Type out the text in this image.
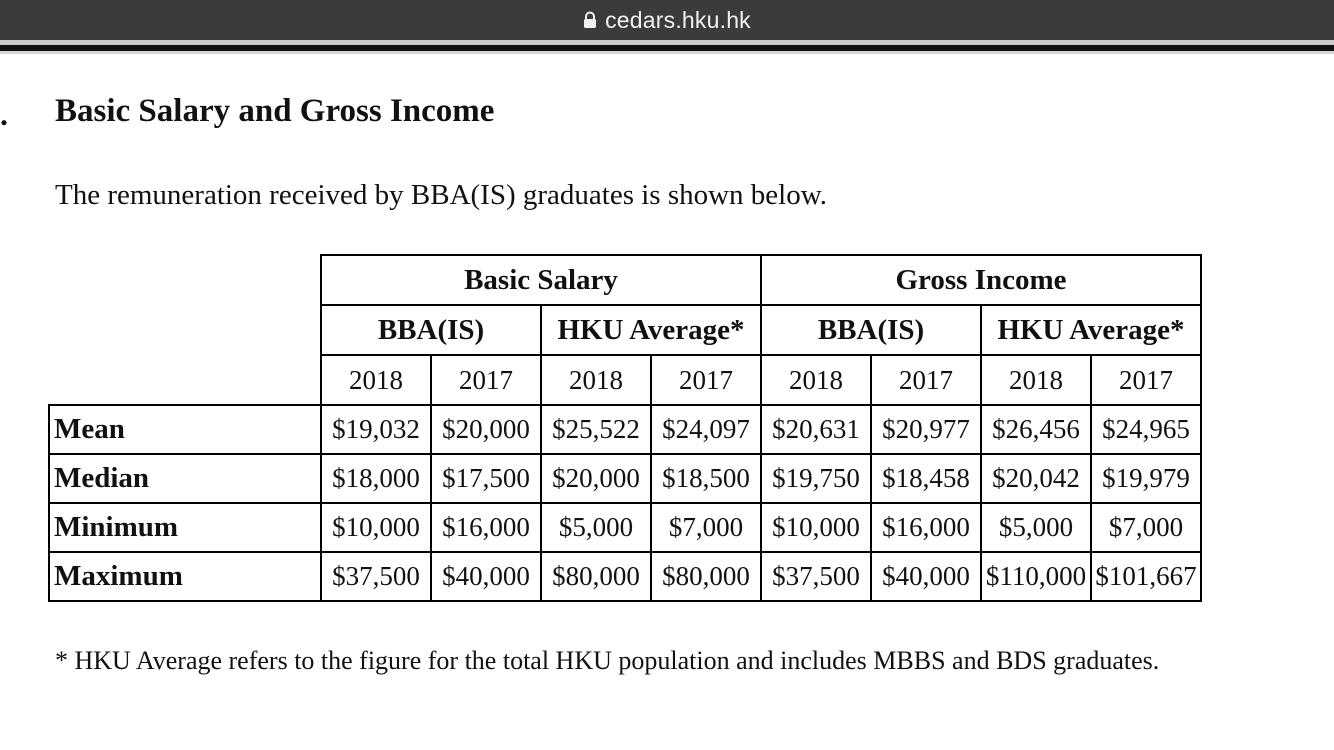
cedars.hku.hk
. Basic Salary and Gross Income
The remuneration received by BBA(IS) graduates is shown below.
	Basic Salary				Gross Income			
	BBA(IS)		HKU Average*		BBA(IS)		HKU Average*	
	2018	2017	2018	2017	2018	2017	2018	2017
Mean	$19,032	$20,000	$25,522	$24,097	$20,631	$20,977	$26,456	$24,965
Median	$18,000	$17,500	$20,000	$18,500	$19,750	$18,458	$20,042	$19,979
Minimum	$10,000	$16,000	$5,000	$7,000	$10,000	$16,000	$5,000	$7,000
Maximum	$37,500	$40,000	$80,000	$80,000	$37,500	$40,000	$110,000	$101,667
* HKU Average refers to the figure for the total HKU population and includes MBBS and BDS graduates.
